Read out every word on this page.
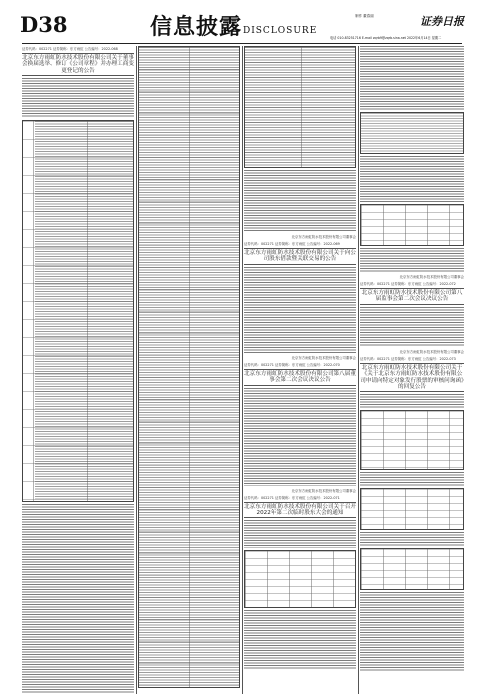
D38	信息披露 DISCLOSURE
制作 董春丽	证券日报
电话 010-83251716 E-mail zqrb9@zqrb.sina.net 2022年6月14日 星期二
证券代码：002271 证券简称：东方雨虹 公告编号：2022-068
北京东方雨虹防水技术股份有限公司关于董事会换届选举、修订《公司章程》并办理工商变更登记的公告
北京东方雨虹防水技术股份有限公司董事会
证券代码：002271 证券简称：东方雨虹 公告编号：2022-069
北京东方雨虹防水技术股份有限公司关于向公司股东借款暨关联交易的公告
北京东方雨虹防水技术股份有限公司董事会
证券代码：002271 证券简称：东方雨虹 公告编号：2022-070
北京东方雨虹防水技术股份有限公司第八届董事会第二次会议决议公告
北京东方雨虹防水技术股份有限公司董事会
证券代码：002271 证券简称：东方雨虹 公告编号：2022-071
北京东方雨虹防水技术股份有限公司关于召开2022年第二次临时股东大会的通知
北京东方雨虹防水技术股份有限公司董事会
证券代码：002271 证券简称：东方雨虹 公告编号：2022-072
北京东方雨虹防水技术股份有限公司第八届监事会第二次会议决议公告
北京东方雨虹防水技术股份有限公司董事会
证券代码：002271 证券简称：东方雨虹 公告编号：2022-073
北京东方雨虹防水技术股份有限公司关于《关于北京东方雨虹防水技术股份有限公司申请向特定对象发行股票的审核问询函》的回复公告
